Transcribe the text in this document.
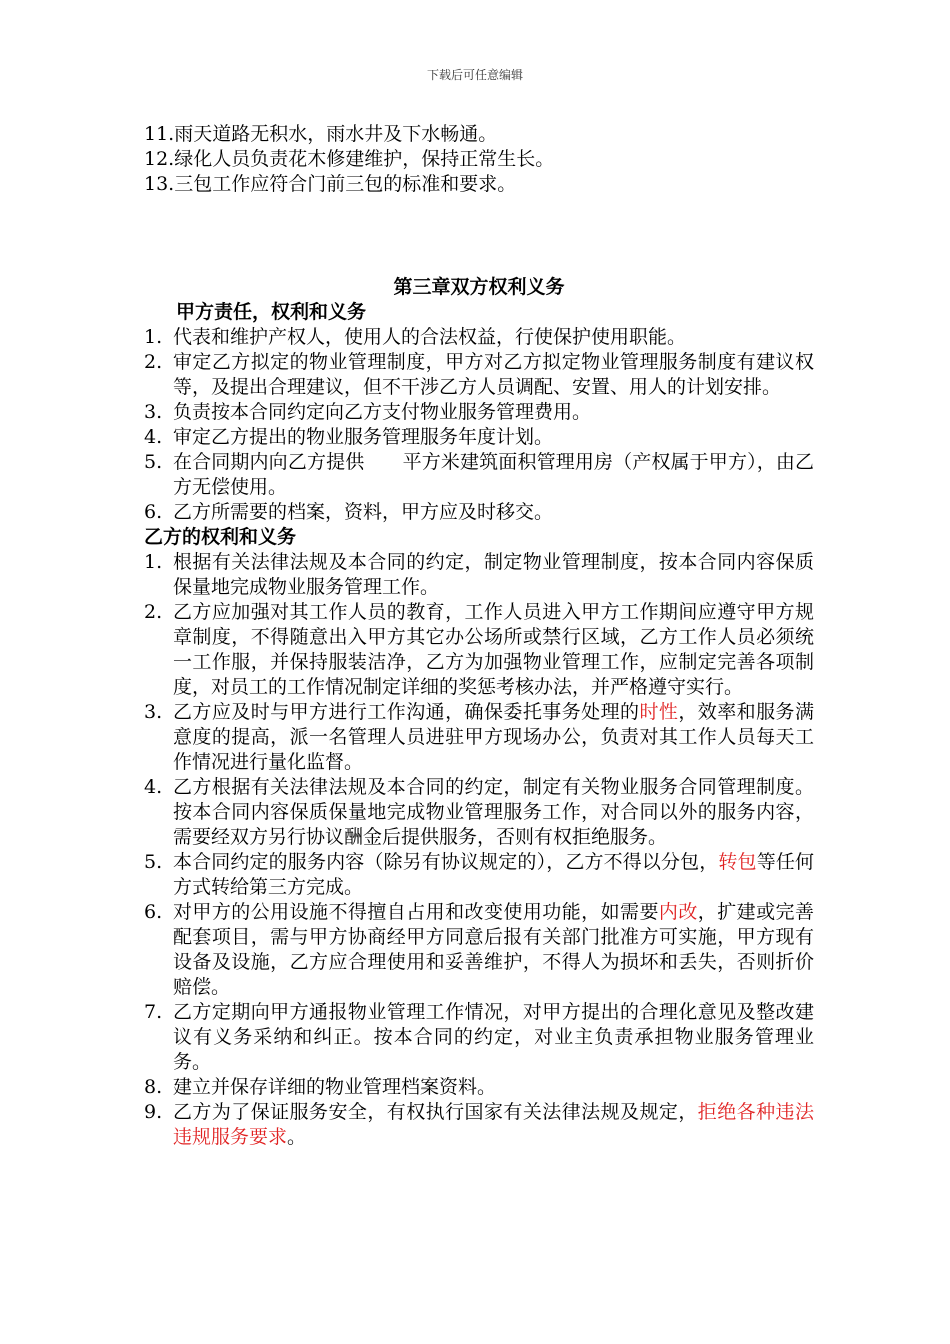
下载后可任意编辑
11.雨天道路无积水，雨水井及下水畅通。
12.绿化人员负责花木修建维护，保持正常生长。
13.三包工作应符合门前三包的标准和要求。
第三章双方权利义务
甲方责任，权利和义务
1. 代表和维护产权人，使用人的合法权益，行使保护使用职能。
2. 审定乙方拟定的物业管理制度，甲方对乙方拟定物业管理服务制度有建议权等，及提出合理建议，但不干涉乙方人员调配、安置、用人的计划安排。
3. 负责按本合同约定向乙方支付物业服务管理费用。
4. 审定乙方提出的物业服务管理服务年度计划。
5. 在合同期内向乙方提供　　平方米建筑面积管理用房（产权属于甲方），由乙方无偿使用。
6. 乙方所需要的档案，资料，甲方应及时移交。
乙方的权利和义务
1. 根据有关法律法规及本合同的约定，制定物业管理制度，按本合同内容保质保量地完成物业服务管理工作。
2. 乙方应加强对其工作人员的教育，工作人员进入甲方工作期间应遵守甲方规章制度，不得随意出入甲方其它办公场所或禁行区域，乙方工作人员必须统一工作服，并保持服装洁净，乙方为加强物业管理工作，应制定完善各项制度，对员工的工作情况制定详细的奖惩考核办法，并严格遵守实行。
3. 乙方应及时与甲方进行工作沟通，确保委托事务处理的时性，效率和服务满意度的提高，派一名管理人员进驻甲方现场办公，负责对其工作人员每天工作情况进行量化监督。
4. 乙方根据有关法律法规及本合同的约定，制定有关物业服务合同管理制度。按本合同内容保质保量地完成物业管理服务工作，对合同以外的服务内容，需要经双方另行协议酬金后提供服务，否则有权拒绝服务。
5. 本合同约定的服务内容（除另有协议规定的），乙方不得以分包，转包等任何方式转给第三方完成。
6. 对甲方的公用设施不得擅自占用和改变使用功能，如需要内改，扩建或完善配套项目，需与甲方协商经甲方同意后报有关部门批准方可实施，甲方现有设备及设施，乙方应合理使用和妥善维护，不得人为损坏和丢失，否则折价赔偿。
7. 乙方定期向甲方通报物业管理工作情况，对甲方提出的合理化意见及整改建议有义务采纳和纠正。按本合同的约定，对业主负责承担物业服务管理业务。
8. 建立并保存详细的物业管理档案资料。
9. 乙方为了保证服务安全，有权执行国家有关法律法规及规定，拒绝各种违法违规服务要求。
